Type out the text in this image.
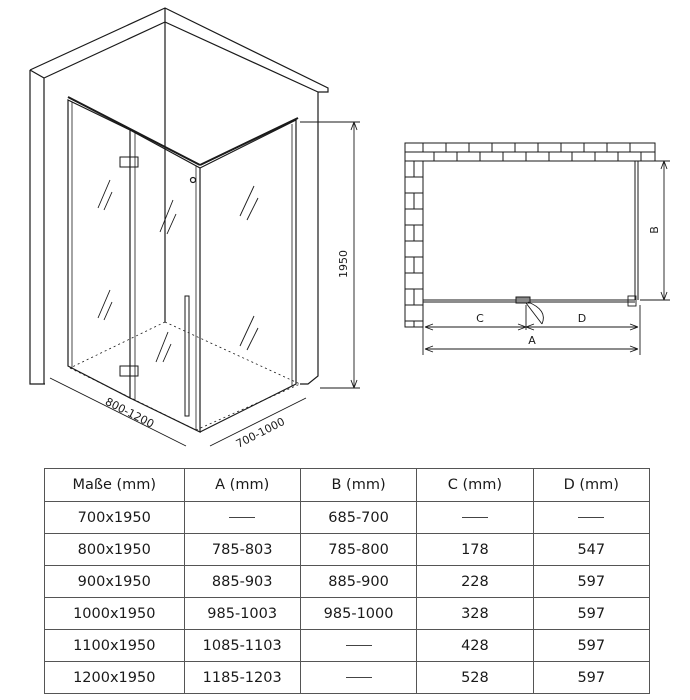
1950
800-1200
700-1000
B
C	D
A
Maße (mm)	A (mm)	B (mm)	C (mm)	D (mm)
700x1950		685-700		
800x1950	785-803	785-800	178	547
900x1950	885-903	885-900	228	597
1000x1950	985-1003	985-1000	328	597
1100x1950	1085-1103		428	597
1200x1950	1185-1203		528	597
